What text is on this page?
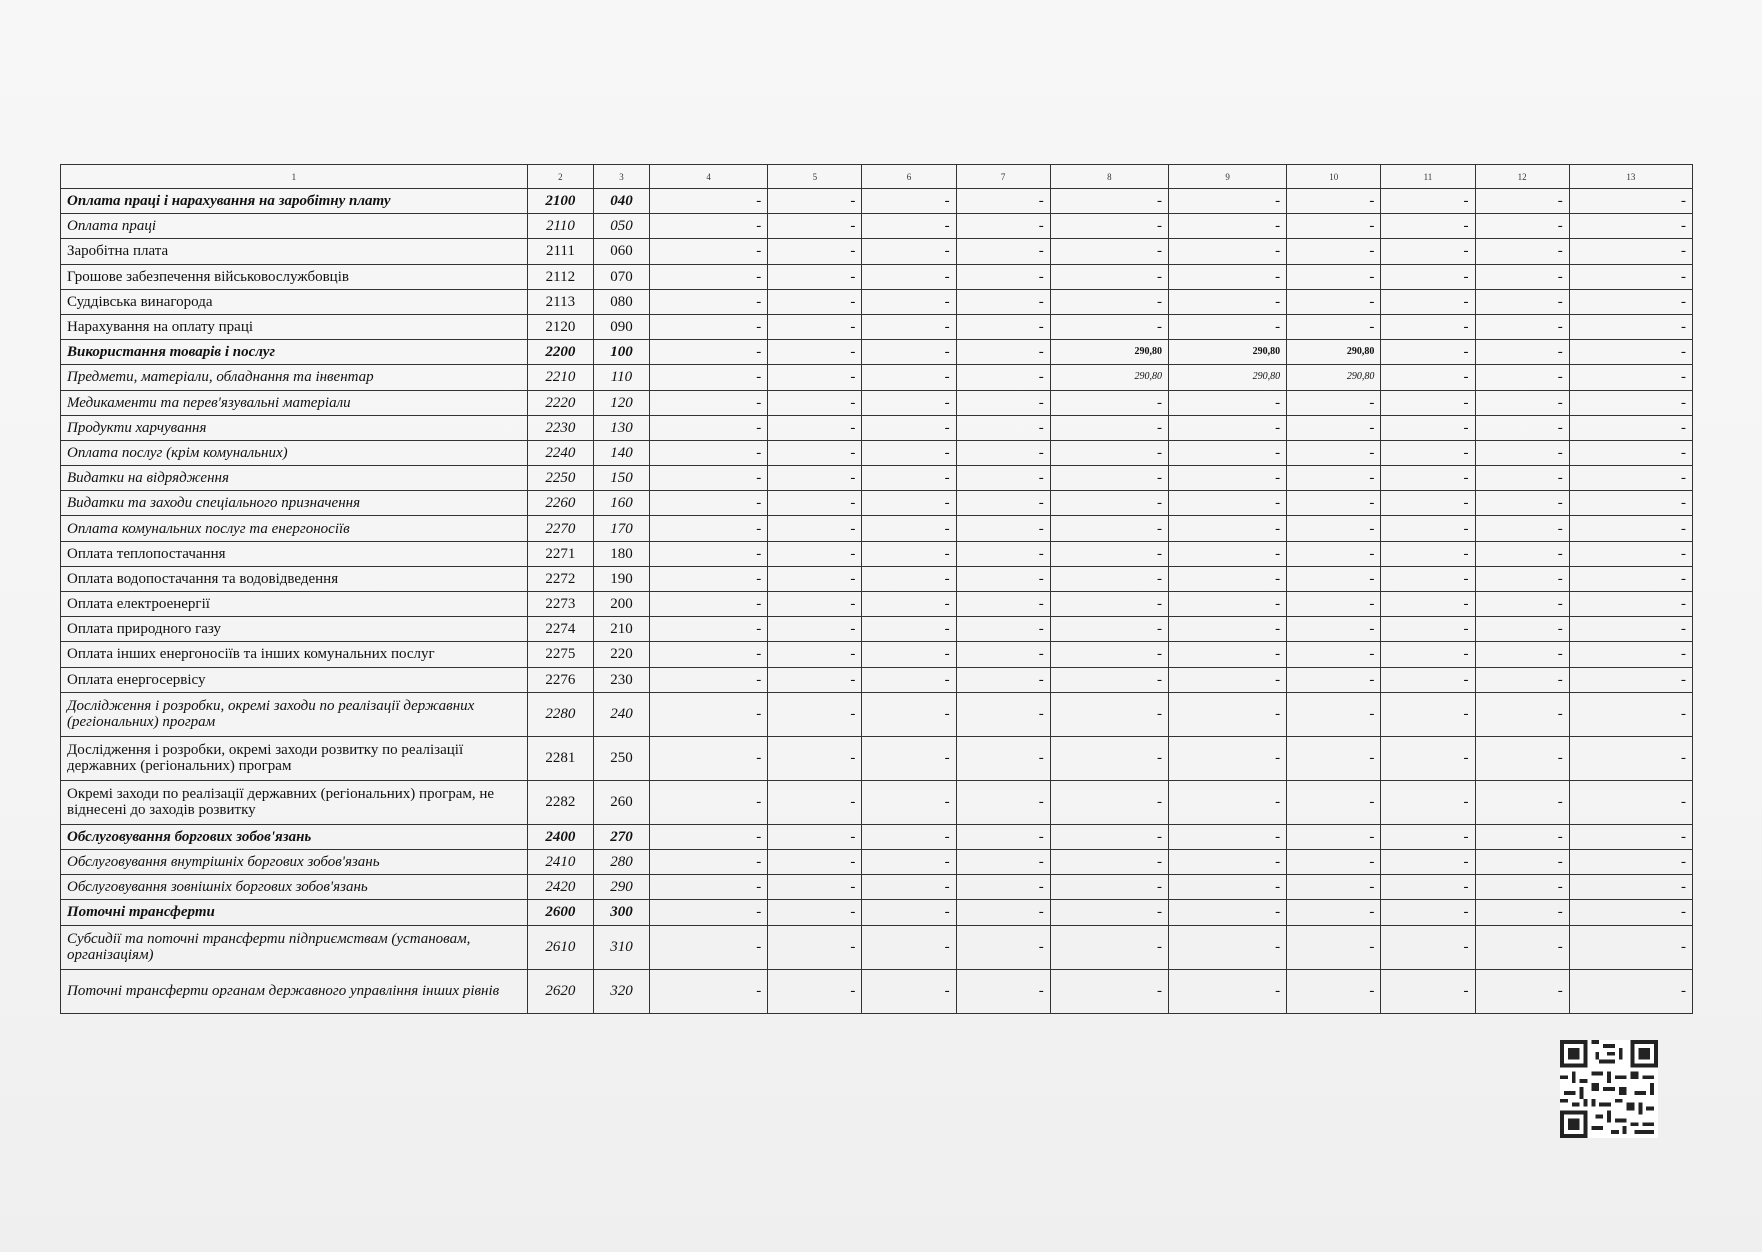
1	2	3	4	5	6	7	8	9	10	11	12	13
Оплата праці і нарахування на заробітну плату	2100	040	-	-	-	-	-	-	-	-	-	-
Оплата праці	2110	050	-	-	-	-	-	-	-	-	-	-
Заробітна плата	2111	060	-	-	-	-	-	-	-	-	-	-
Грошове забезпечення військовослужбовців	2112	070	-	-	-	-	-	-	-	-	-	-
Суддівська винагорода	2113	080	-	-	-	-	-	-	-	-	-	-
Нарахування на оплату праці	2120	090	-	-	-	-	-	-	-	-	-	-
Використання товарів і послуг	2200	100	-	-	-	-	290,80	290,80	290,80	-	-	-
Предмети, матеріали, обладнання та інвентар	2210	110	-	-	-	-	290,80	290,80	290,80	-	-	-
Медикаменти та перев'язувальні матеріали	2220	120	-	-	-	-	-	-	-	-	-	-
Продукти харчування	2230	130	-	-	-	-	-	-	-	-	-	-
Оплата послуг (крім комунальних)	2240	140	-	-	-	-	-	-	-	-	-	-
Видатки на відрядження	2250	150	-	-	-	-	-	-	-	-	-	-
Видатки та заходи спеціального призначення	2260	160	-	-	-	-	-	-	-	-	-	-
Оплата комунальних послуг та енергоносіїв	2270	170	-	-	-	-	-	-	-	-	-	-
Оплата теплопостачання	2271	180	-	-	-	-	-	-	-	-	-	-
Оплата водопостачання та водовідведення	2272	190	-	-	-	-	-	-	-	-	-	-
Оплата електроенергії	2273	200	-	-	-	-	-	-	-	-	-	-
Оплата природного газу	2274	210	-	-	-	-	-	-	-	-	-	-
Оплата інших енергоносіїв та інших комунальних послуг	2275	220	-	-	-	-	-	-	-	-	-	-
Оплата енергосервісу	2276	230	-	-	-	-	-	-	-	-	-	-
Дослідження і розробки, окремі заходи по реалізації державних (регіональних) програм	2280	240	-	-	-	-	-	-	-	-	-	-
Дослідження і розробки, окремі заходи розвитку по реалізації державних (регіональних) програм	2281	250	-	-	-	-	-	-	-	-	-	-
Окремі заходи по реалізації державних (регіональних) програм, не віднесені до заходів розвитку	2282	260	-	-	-	-	-	-	-	-	-	-
Обслуговування боргових зобов'язань	2400	270	-	-	-	-	-	-	-	-	-	-
Обслуговування внутрішніх боргових зобов'язань	2410	280	-	-	-	-	-	-	-	-	-	-
Обслуговування зовнішніх боргових зобов'язань	2420	290	-	-	-	-	-	-	-	-	-	-
Поточні трансферти	2600	300	-	-	-	-	-	-	-	-	-	-
Субсидії та поточні трансферти підприємствам (установам, організаціям)	2610	310	-	-	-	-	-	-	-	-	-	-
Поточні трансферти органам державного управління інших рівнів	2620	320	-	-	-	-	-	-	-	-	-	-
